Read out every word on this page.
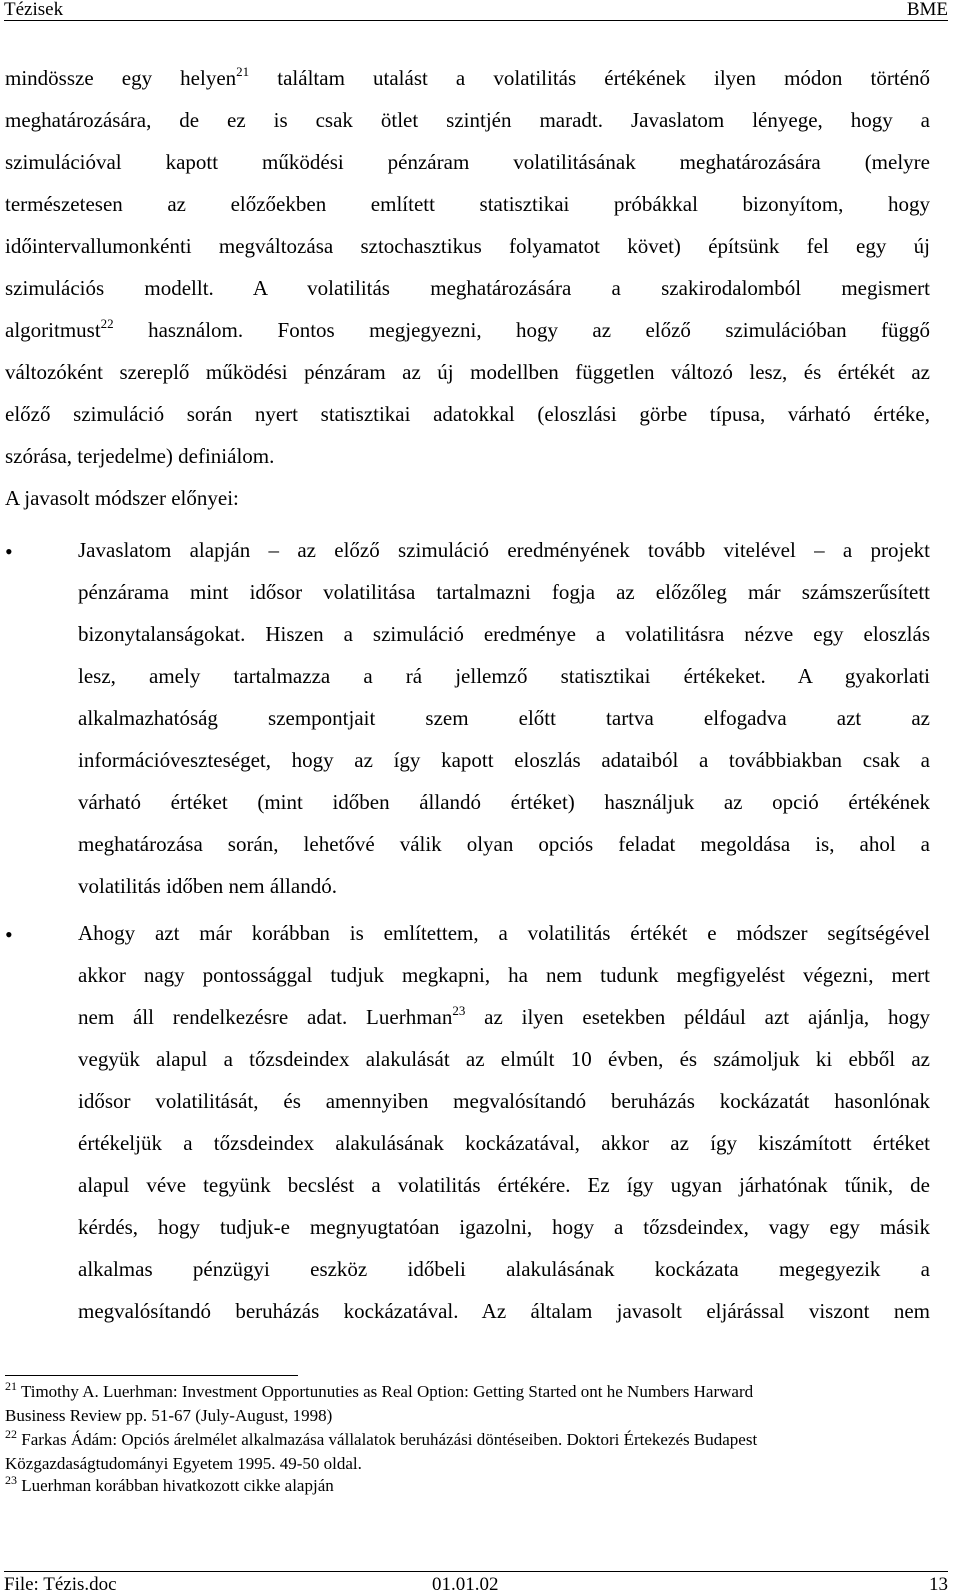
Tézisek	BME
mindössze egy helyen$^{21}$ találtam utalást a volatilitás értékének ilyen módon történő
meghatározására, de ez is csak ötlet szintjén maradt. Javaslatom lényege, hogy a
szimulációval kapott működési pénzáram volatilitásának meghatározására (melyre
természetesen az előzőekben említett statisztikai próbákkal bizonyítom, hogy
időintervallumonkénti megváltozása sztochasztikus folyamatot követ) építsünk fel egy új
szimulációs modellt. A volatilitás meghatározására a szakirodalomból megismert
algoritmust$^{22}$ használom. Fontos megjegyezni, hogy az előző szimulációban függő
változóként szereplő működési pénzáram az új modellben független változó lesz, és értékét az
előző szimuláció során nyert statisztikai adatokkal (eloszlási görbe típusa, várható értéke,
szórása, terjedelme) definiálom.
A javasolt módszer előnyei:
•	Javaslatom alapján – az előző szimuláció eredményének tovább vitelével – a projekt
pénzárama mint idősor volatilitása tartalmazni fogja az előzőleg már számszerűsített
bizonytalanságokat. Hiszen a szimuláció eredménye a volatilitásra nézve egy eloszlás
lesz, amely tartalmazza a rá jellemző statisztikai értékeket. A gyakorlati
alkalmazhatóság szempontjait szem előtt tartva elfogadva azt az
információveszteséget, hogy az így kapott eloszlás adataiból a továbbiakban csak a
várható értéket (mint időben állandó értéket) használjuk az opció értékének
meghatározása során, lehetővé válik olyan opciós feladat megoldása is, ahol a
volatilitás időben nem állandó.
•	Ahogy azt már korábban is említettem, a volatilitás értékét e módszer segítségével
akkor nagy pontossággal tudjuk megkapni, ha nem tudunk megfigyelést végezni, mert
nem áll rendelkezésre adat. Luerhman$^{23}$ az ilyen esetekben például azt ajánlja, hogy
vegyük alapul a tőzsdeindex alakulását az elmúlt 10 évben, és számoljuk ki ebből az
idősor volatilitását, és amennyiben megvalósítandó beruházás kockázatát hasonlónak
értékeljük a tőzsdeindex alakulásának kockázatával, akkor az így kiszámított értéket
alapul véve tegyünk becslést a volatilitás értékére. Ez így ugyan járhatónak tűnik, de
kérdés, hogy tudjuk-e megnyugtatóan igazolni, hogy a tőzsdeindex, vagy egy másik
alkalmas pénzügyi eszköz időbeli alakulásának kockázata megegyezik a
megvalósítandó beruházás kockázatával. Az általam javasolt eljárással viszont nem
$^{21}$ Timothy A. Luerhman: Investment Opportunuties as Real Option: Getting Started ont he Numbers Harward
Business Review pp. 51-67 (July-August, 1998)
$^{22}$ Farkas Ádám: Opciós árelmélet alkalmazása vállalatok beruházási döntéseiben. Doktori Értekezés Budapest
Közgazdaságtudományi Egyetem 1995. 49-50 oldal.
$^{23}$ Luerhman korábban hivatkozott cikke alapján
File: Tézis.doc	01.01.02	13
